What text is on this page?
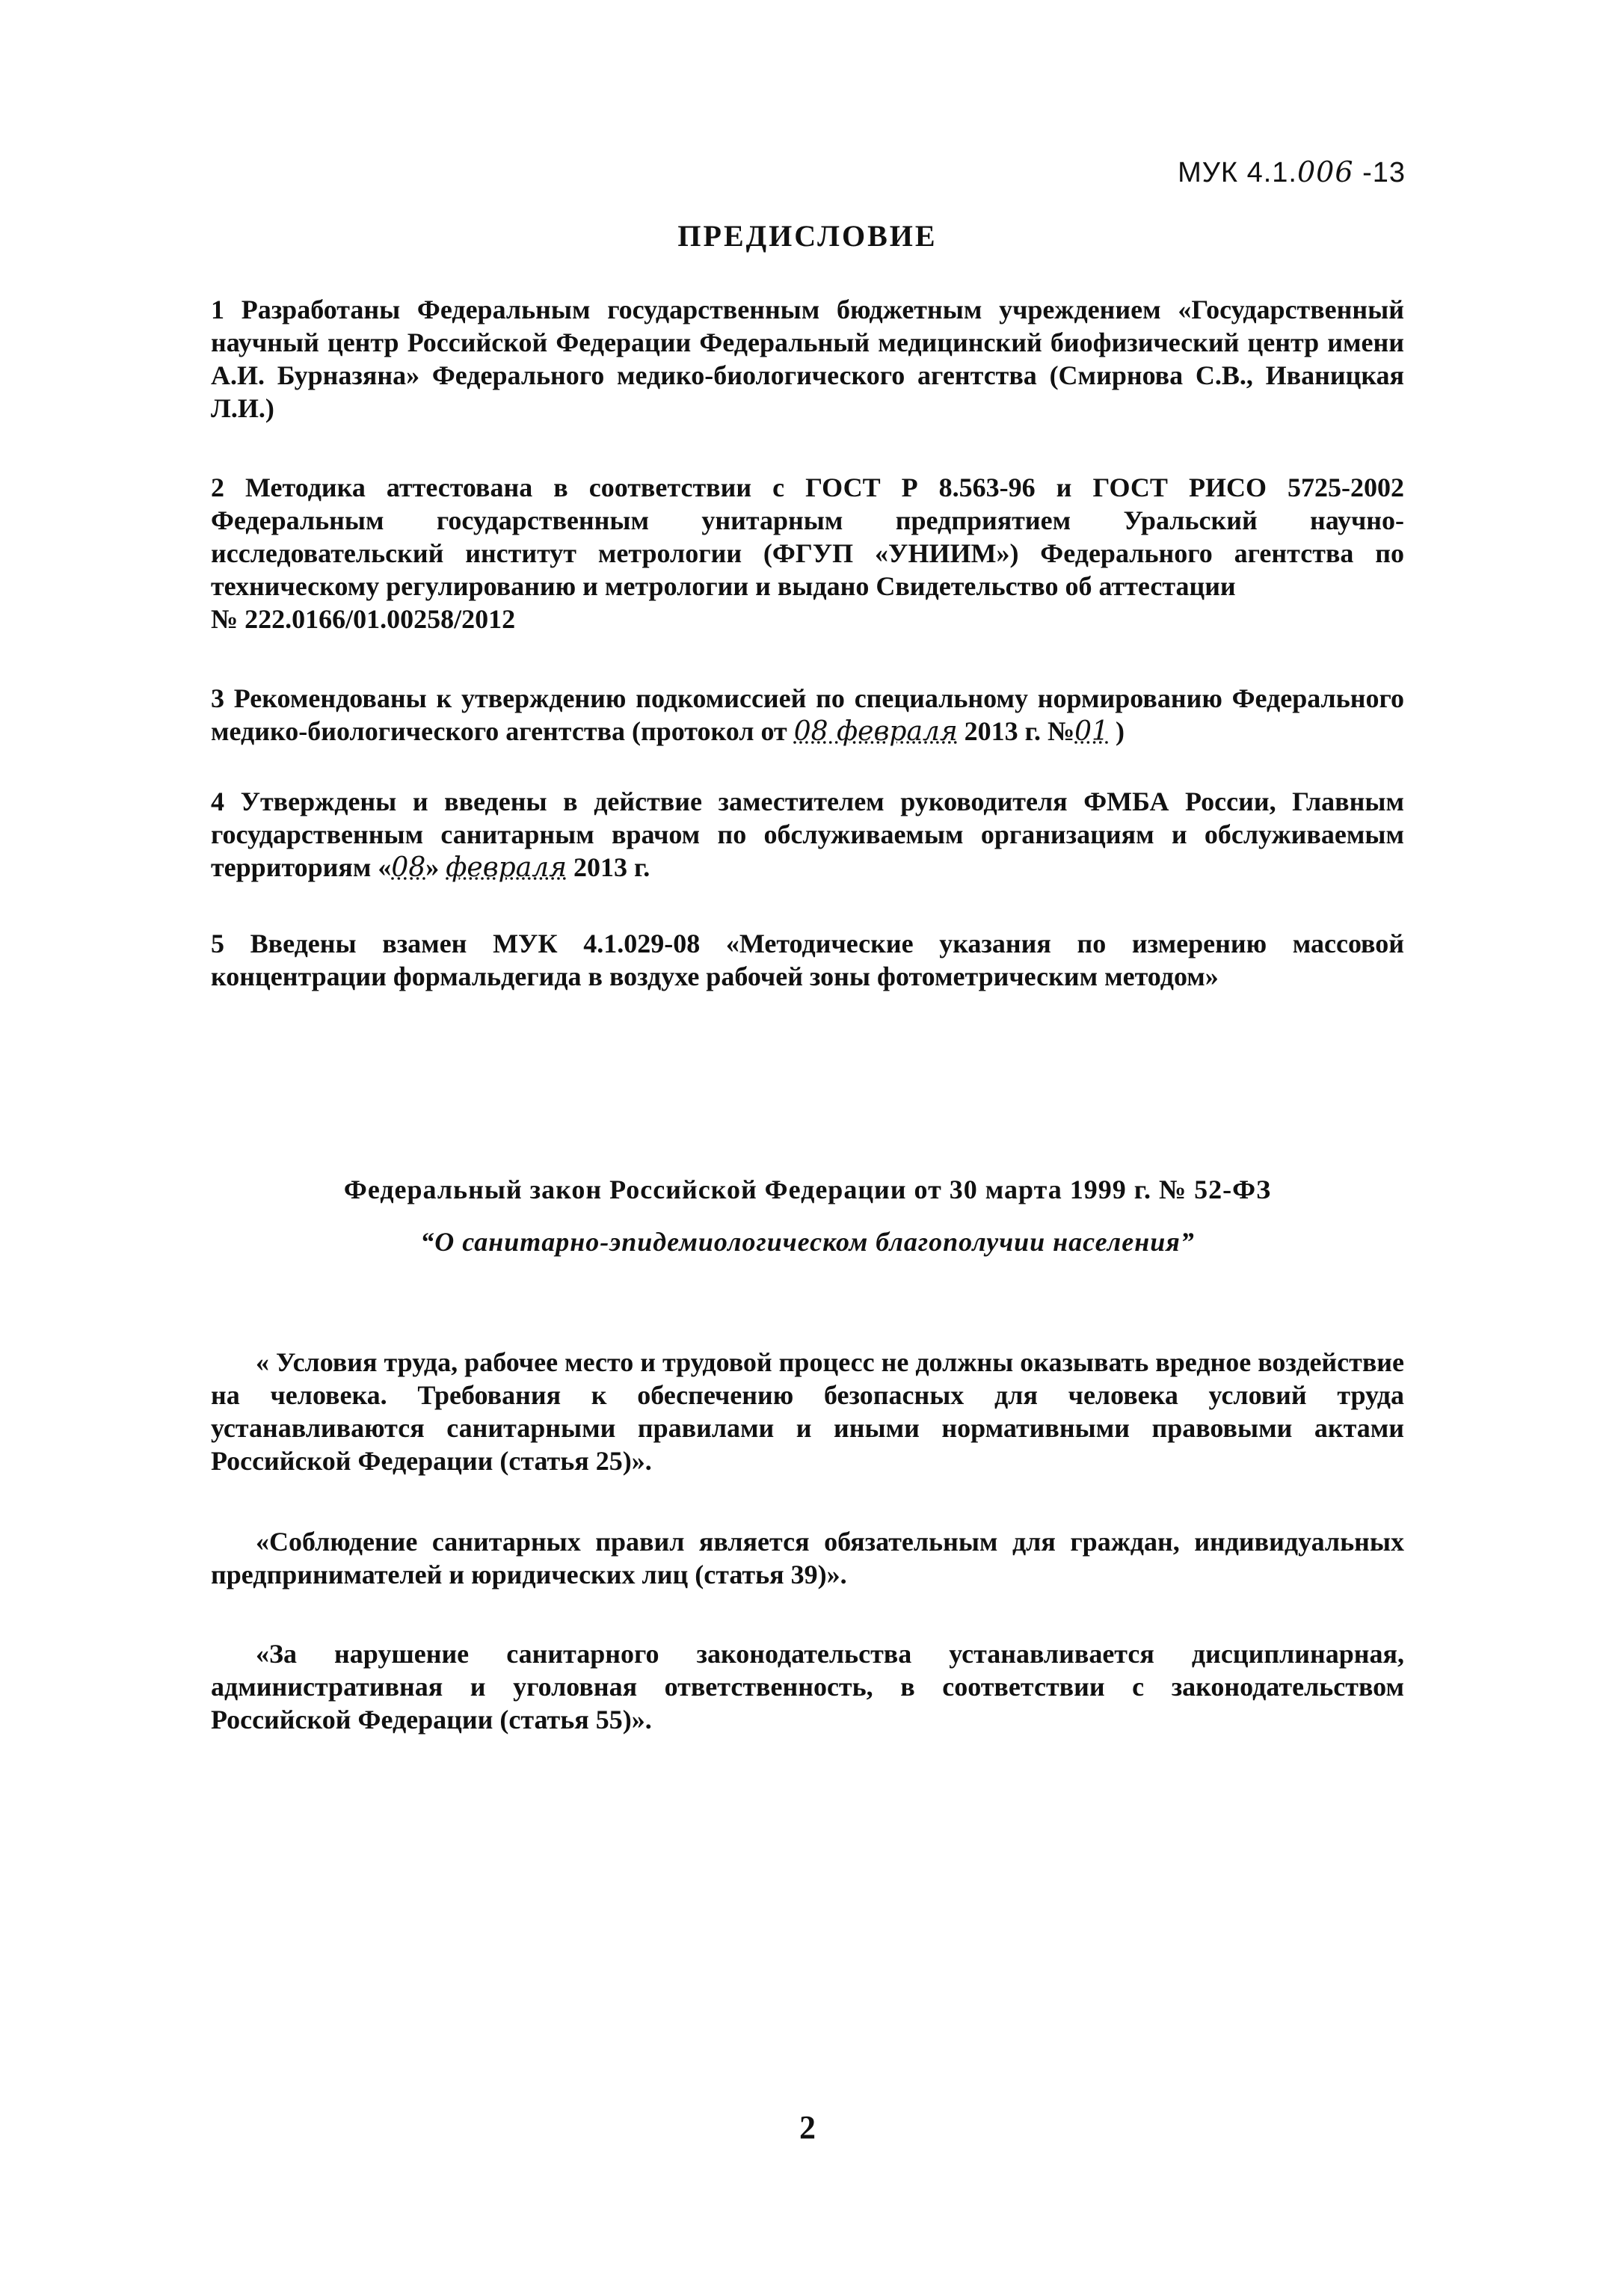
МУК 4.1.006 -13
ПРЕДИСЛОВИЕ

1 Разработаны Федеральным государственным бюджетным учреждением «Государственный научный центр Российской Федерации Федеральный медицинский биофизический центр имени А.И. Бурназяна» Федерального медико-биологического агентства (Смирнова С.В., Иваницкая Л.И.)

2 Методика аттестована в соответствии с ГОСТ Р 8.563-96 и ГОСТ РИСО 5725-2002 Федеральным государственным унитарным предприятием Уральский научно-исследовательский институт метрологии (ФГУП «УНИИМ») Федерального агентства по техническому регулированию и метрологии и выдано Свидетельство об аттестации

№ 222.0166/01.00258/2012

3 Рекомендованы к утверждению подкомиссией по специальному нормированию Федерального медико-биологического агентства (протокол от 08 февраля 2013 г. №01 )

4 Утверждены и введены в действие заместителем руководителя ФМБА России, Главным государственным санитарным врачом по обслуживаемым организациям и обслуживаемым территориям «08» февраля 2013 г.

5 Введены взамен МУК 4.1.029-08 «Методические указания по измерению массовой концентрации формальдегида в воздухе рабочей зоны фотометрическим методом»

Федеральный закон Российской Федерации от 30 марта 1999 г. № 52-ФЗ
“О санитарно-эпидемиологическом благополучии населения”

« Условия труда, рабочее место и трудовой процесс не должны оказывать вредное воздействие на человека. Требования к обеспечению безопасных для человека условий труда устанавливаются санитарными правилами и иными нормативными правовыми актами Российской Федерации (статья 25)».

«Соблюдение санитарных правил является обязательным для граждан, индивидуальных предпринимателей и юридических лиц (статья 39)».

«За нарушение санитарного законодательства устанавливается дисциплинарная, административная и уголовная ответственность, в соответствии с законодательством Российской Федерации (статья 55)».

2
